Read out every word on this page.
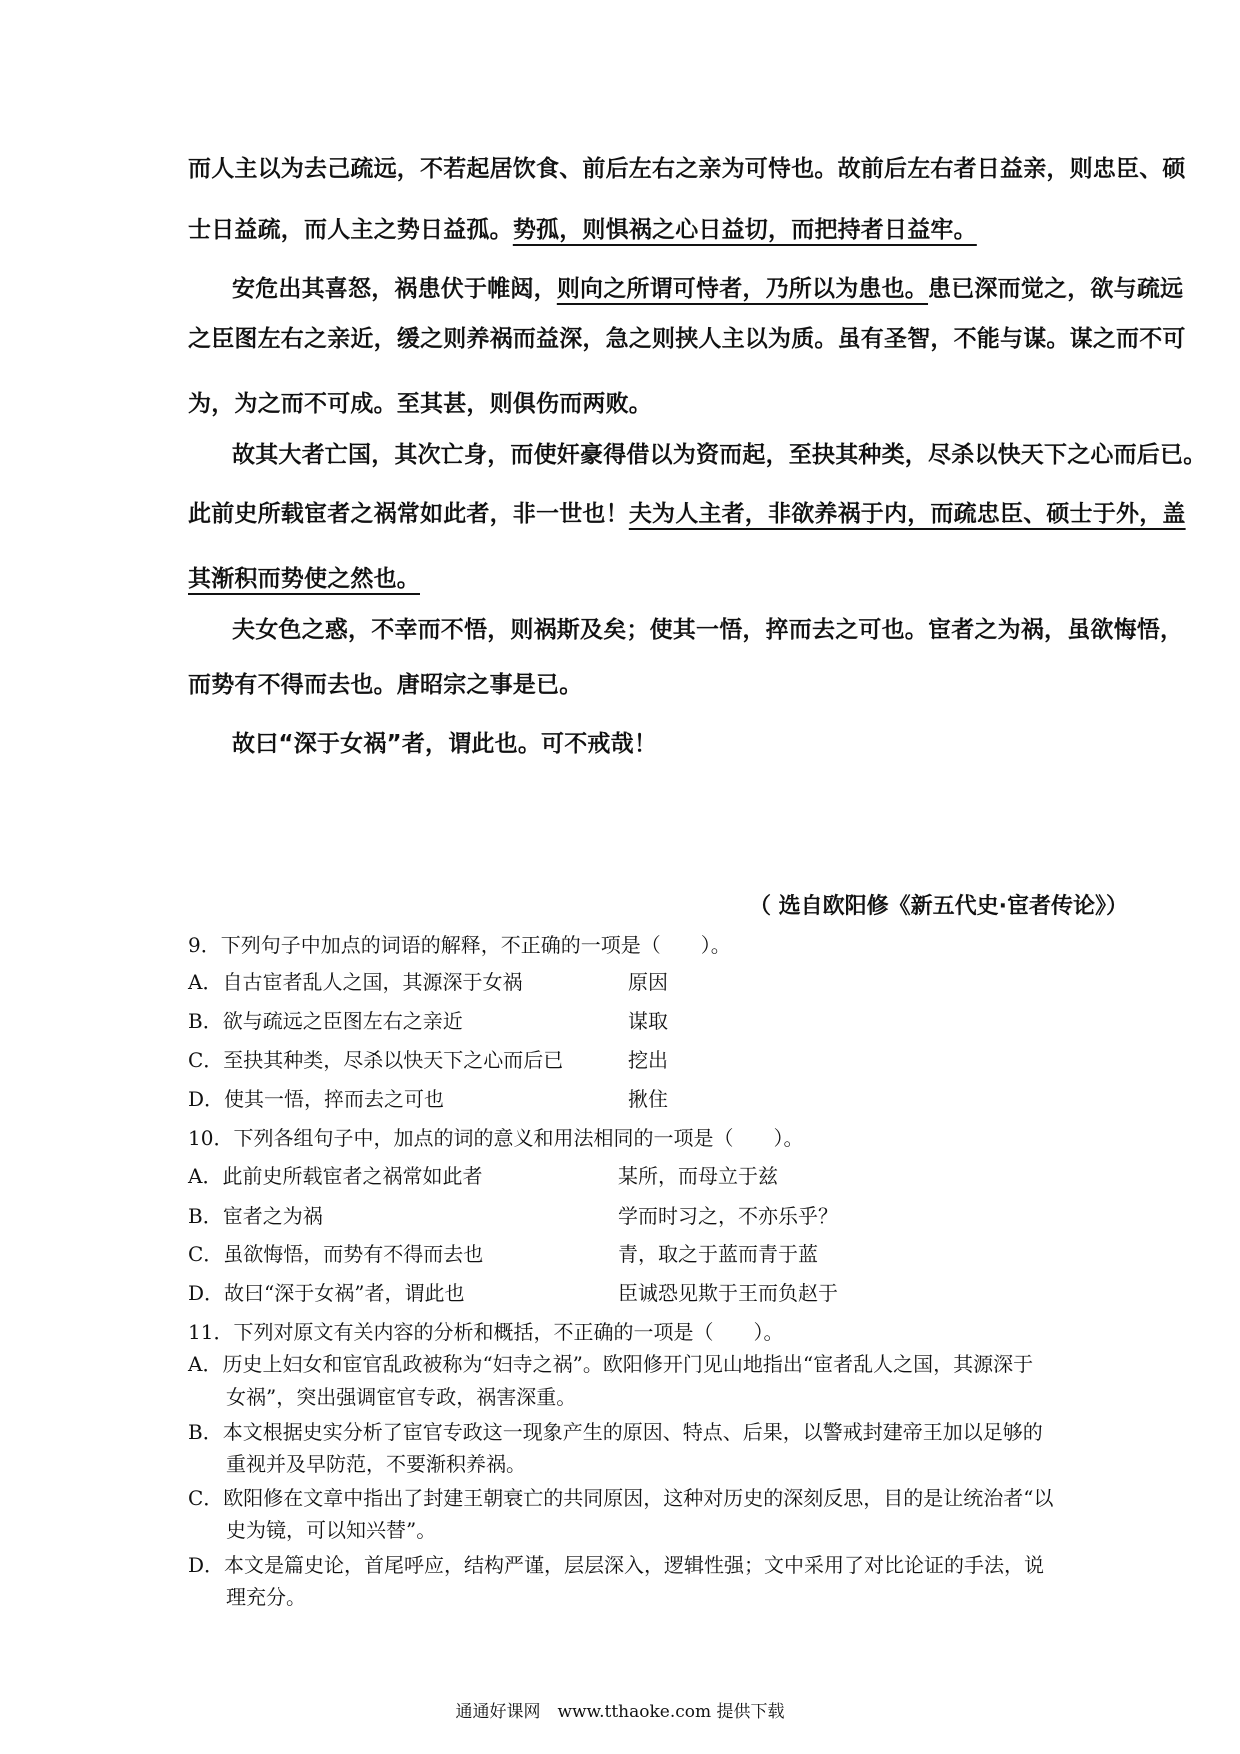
而人主以为去己疏远，不若起居饮食、前后左右之亲为可恃也。故前后左右者日益亲，则忠臣、硕
士日益疏，而人主之势日益孤。势孤，则惧祸之心日益切，而把持者日益牢。
安危出其喜怒，祸患伏于帷闼，则向之所谓可恃者，乃所以为患也。患已深而觉之，欲与疏远
之臣图左右之亲近，缓之则养祸而益深，急之则挟人主以为质。虽有圣智，不能与谋。谋之而不可
为，为之而不可成。至其甚，则俱伤而两败。
故其大者亡国，其次亡身，而使奸豪得借以为资而起，至抉其种类，尽杀以快天下之心而后已。
此前史所载宦者之祸常如此者，非一世也！夫为人主者，非欲养祸于内，而疏忠臣、硕士于外，盖
其渐积而势使之然也。
夫女色之惑，不幸而不悟，则祸斯及矣；使其一悟，捽而去之可也。宦者之为祸，虽欲悔悟，
而势有不得而去也。唐昭宗之事是已。
故曰“深于女祸”者，谓此也。可不戒哉！
（ 选自欧阳修《新五代史·宦者传论》）
9．下列句子中加点的词语的解释，不正确的一项是（　　）。
A．自古宦者乱人之国，其源深于女祸	原因
B．欲与疏远之臣图左右之亲近	谋取
C．至抉其种类，尽杀以快天下之心而后已	挖出
D．使其一悟，捽而去之可也	揪住
10．下列各组句子中，加点的词的意义和用法相同的一项是（　　）。
A．此前史所载宦者之祸常如此者	某所，而母立于兹
B．宦者之为祸	学而时习之，不亦乐乎？
C．虽欲悔悟，而势有不得而去也	青，取之于蓝而青于蓝
D．故曰“深于女祸”者，谓此也	臣诚恐见欺于王而负赵于
11．下列对原文有关内容的分析和概括，不正确的一项是（　　）。
A．历史上妇女和宦官乱政被称为“妇寺之祸”。欧阳修开门见山地指出“宦者乱人之国，其源深于
女祸”，突出强调宦官专政，祸害深重。
B．本文根据史实分析了宦官专政这一现象产生的原因、特点、后果，以警戒封建帝王加以足够的
重视并及早防范，不要渐积养祸。
C．欧阳修在文章中指出了封建王朝衰亡的共同原因，这种对历史的深刻反思，目的是让统治者“以
史为镜，可以知兴替”。
D．本文是篇史论，首尾呼应，结构严谨，层层深入，逻辑性强；文中采用了对比论证的手法，说
理充分。
通通好课网　www.tthaoke.com 提供下载
